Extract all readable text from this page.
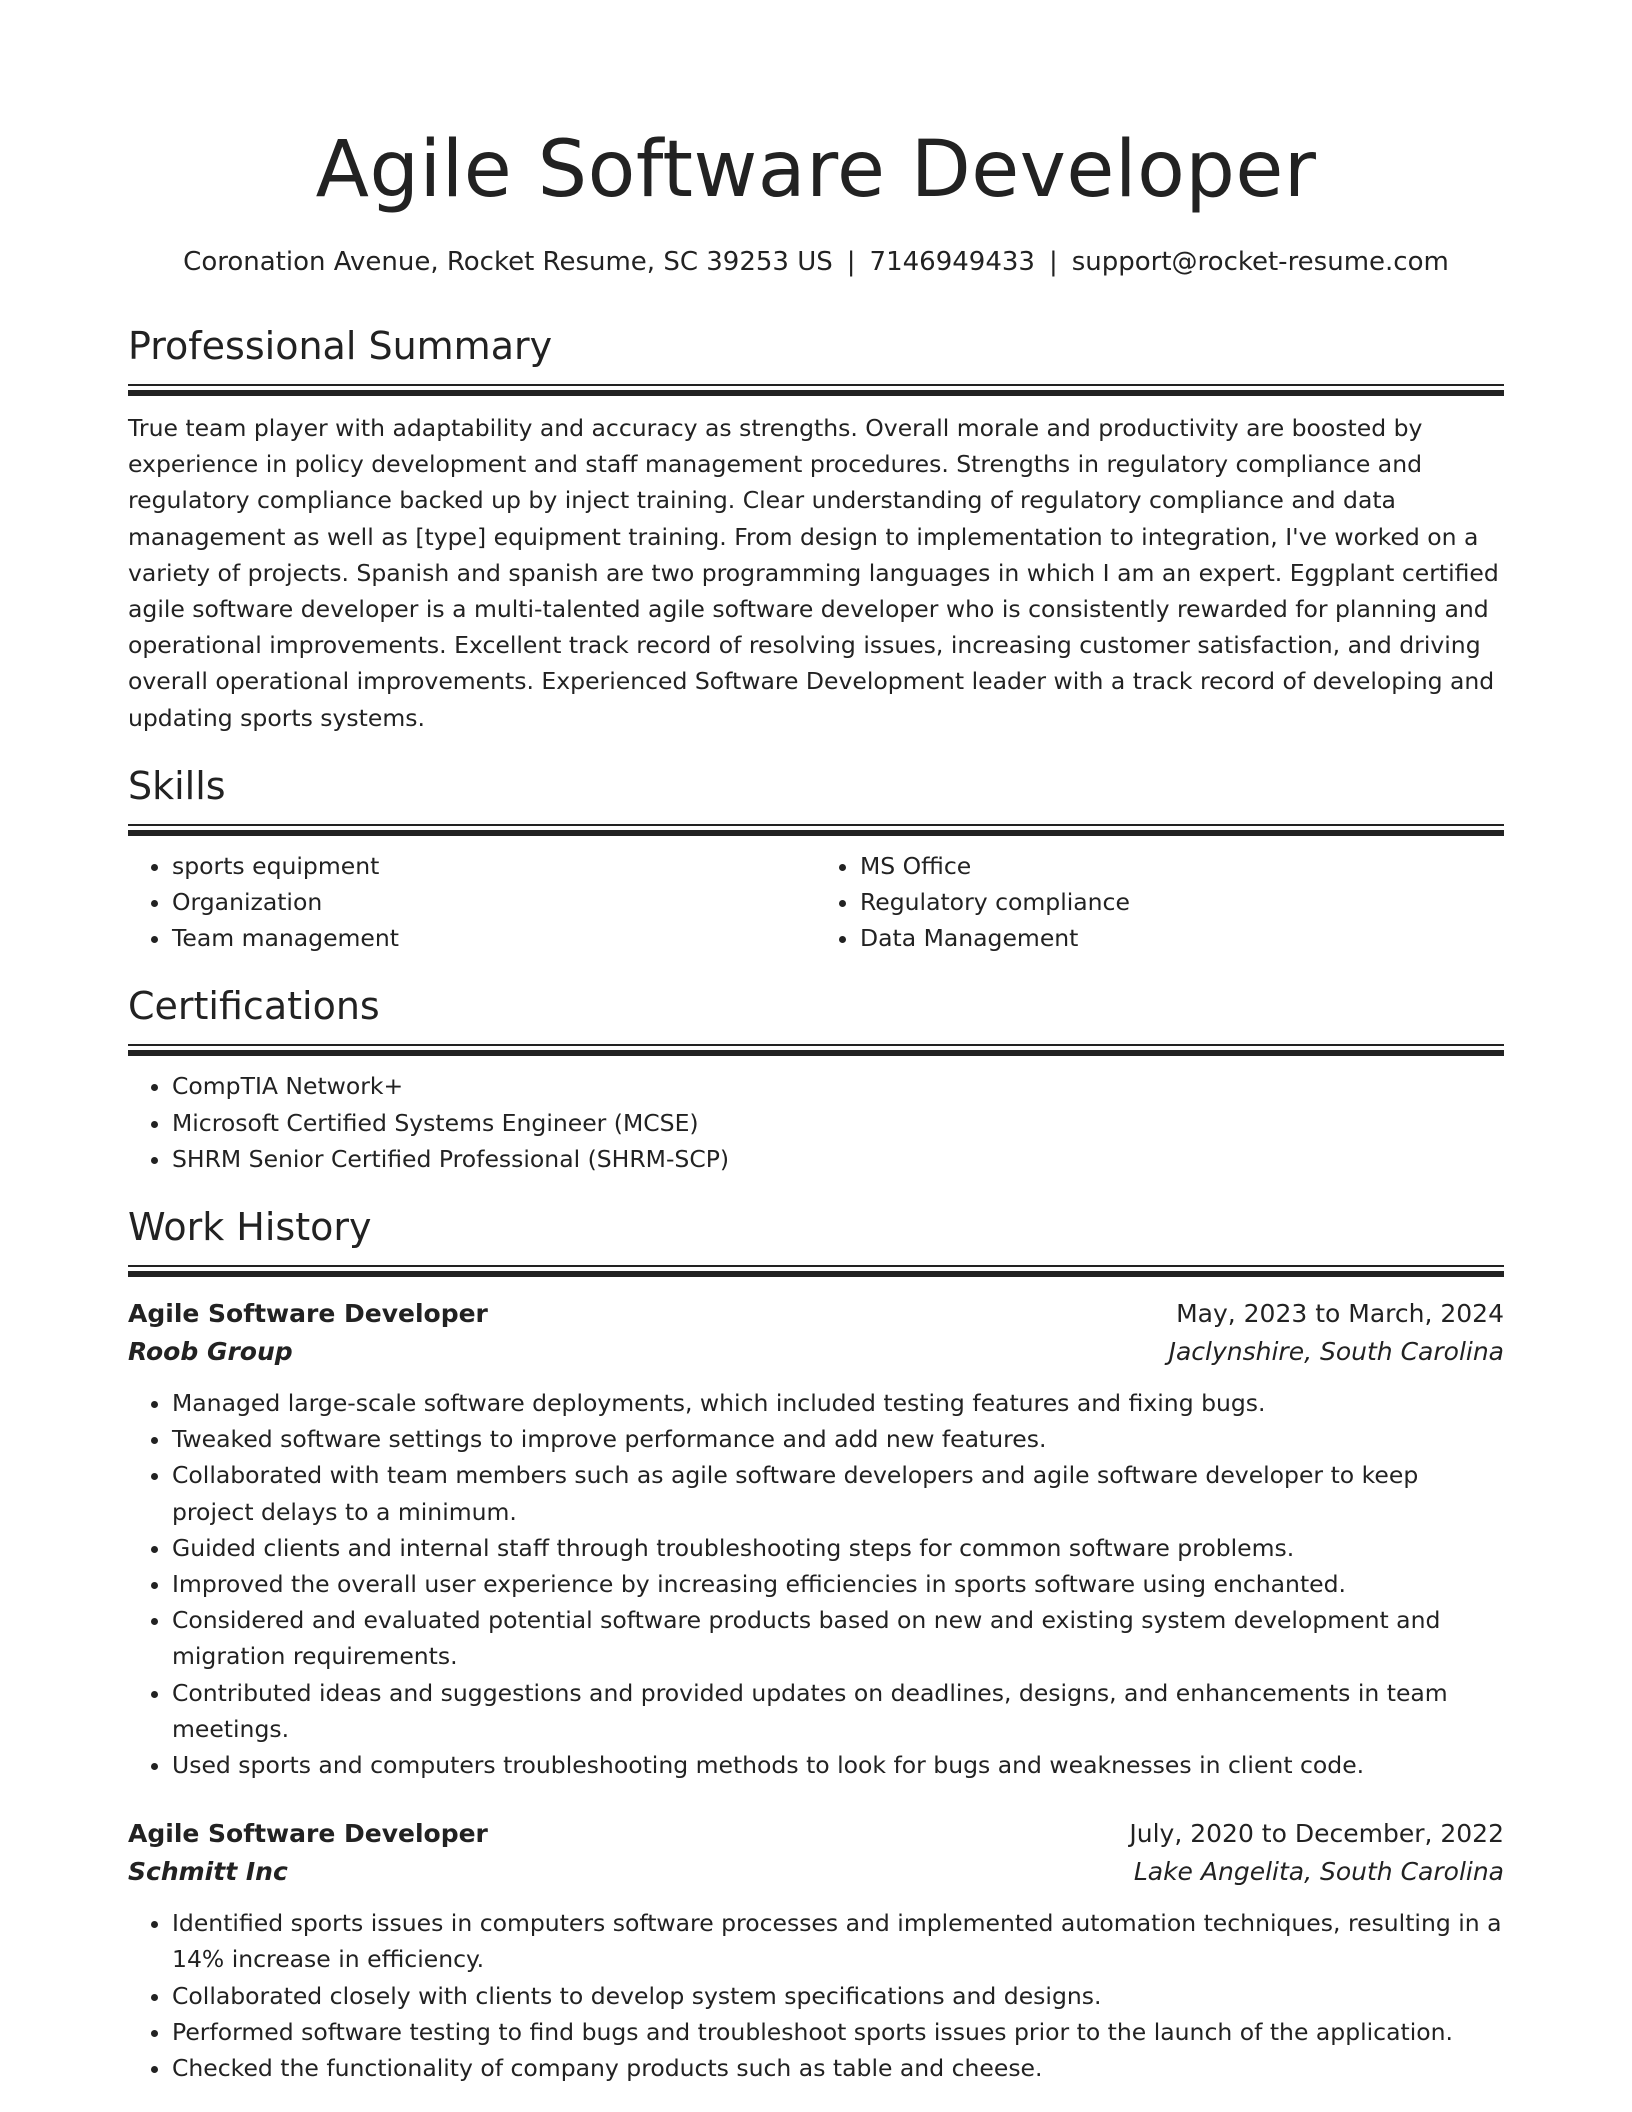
Agile Software Developer
Coronation Avenue, Rocket Resume, SC 39253 US | 7146949433 | support@rocket-resume.com
Professional Summary

True team player with adaptability and accuracy as strengths. Overall morale and productivity are boosted by experience in policy development and staff management procedures. Strengths in regulatory compliance and regulatory compliance backed up by inject training. Clear understanding of regulatory compliance and data management as well as [type] equipment training. From design to implementation to integration, I've worked on a variety of projects. Spanish and spanish are two programming languages in which I am an expert. Eggplant certified agile software developer is a multi-talented agile software developer who is consistently rewarded for planning and operational improvements. Excellent track record of resolving issues, increasing customer satisfaction, and driving overall operational improvements. Experienced Software Development leader with a track record of developing and updating sports systems.

Skills
• sports equipment
• Organization
• Team management
• MS Office
• Regulatory compliance
• Data Management
Certifications
• CompTIA Network+
• Microsoft Certified Systems Engineer (MCSE)
• SHRM Senior Certified Professional (SHRM-SCP)
Work History
Agile Software Developer	May, 2023 to March, 2024
Roob Group	Jaclynshire, South Carolina
• Managed large-scale software deployments, which included testing features and fixing bugs.
• Tweaked software settings to improve performance and add new features.
• Collaborated with team members such as agile software developers and agile software developer to keep project delays to a minimum.
• Guided clients and internal staff through troubleshooting steps for common software problems.
• Improved the overall user experience by increasing efficiencies in sports software using enchanted.
• Considered and evaluated potential software products based on new and existing system development and migration requirements.
• Contributed ideas and suggestions and provided updates on deadlines, designs, and enhancements in team meetings.
• Used sports and computers troubleshooting methods to look for bugs and weaknesses in client code.
Agile Software Developer	July, 2020 to December, 2022
Schmitt Inc	Lake Angelita, South Carolina
• Identified sports issues in computers software processes and implemented automation techniques, resulting in a 14% increase in efficiency.
• Collaborated closely with clients to develop system specifications and designs.
• Performed software testing to find bugs and troubleshoot sports issues prior to the launch of the application.
• Checked the functionality of company products such as table and cheese.
